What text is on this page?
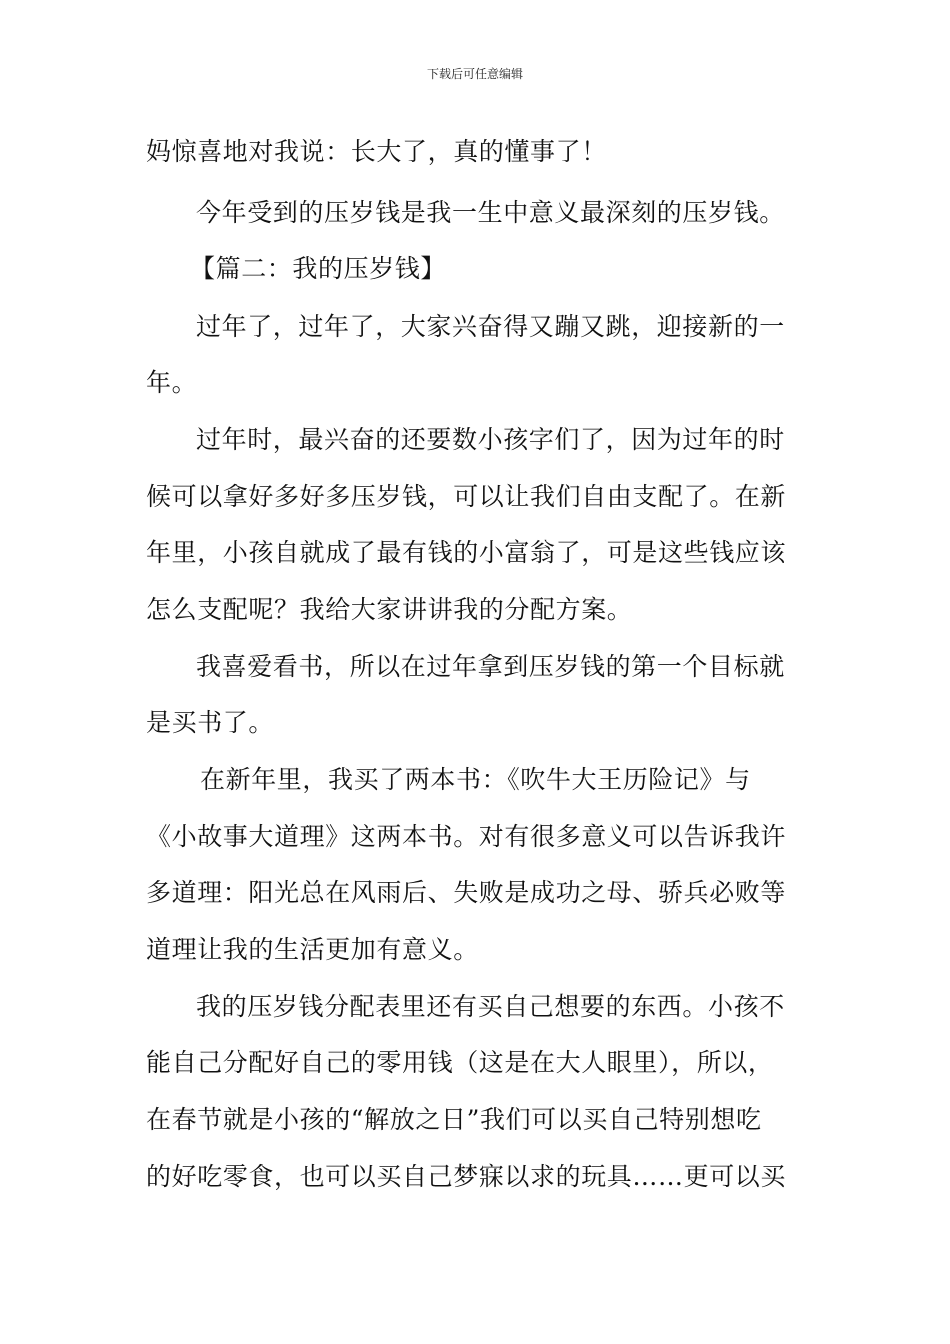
下载后可任意编辑
妈惊喜地对我说：长大了，真的懂事了！
今年受到的压岁钱是我一生中意义最深刻的压岁钱。
【篇二：我的压岁钱】
过年了，过年了，大家兴奋得又蹦又跳，迎接新的一
年。
过年时，最兴奋的还要数小孩字们了，因为过年的时
候可以拿好多好多压岁钱，可以让我们自由支配了。在新
年里，小孩自就成了最有钱的小富翁了，可是这些钱应该
怎么支配呢？我给大家讲讲我的分配方案。
我喜爱看书，所以在过年拿到压岁钱的第一个目标就
是买书了。
在新年里，我买了两本书：《吹牛大王历险记》与
《小故事大道理》这两本书。对有很多意义可以告诉我许
多道理：阳光总在风雨后、失败是成功之母、骄兵必败等
道理让我的生活更加有意义。
我的压岁钱分配表里还有买自己想要的东西。小孩不
能自己分配好自己的零用钱（这是在大人眼里），所以，
在春节就是小孩的“解放之日”我们可以买自己特别想吃
的好吃零食，也可以买自己梦寐以求的玩具……更可以买
